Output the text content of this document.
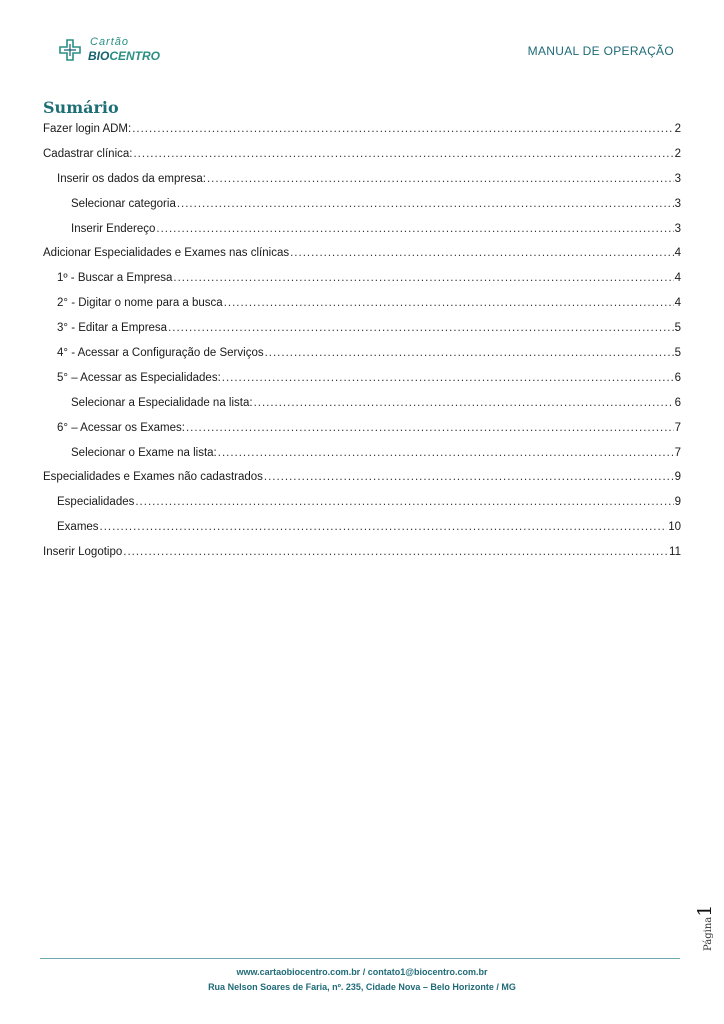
Cartão
BIOCENTRO	MANUAL DE OPERAÇÃO
Sumário
Fazer login ADM: .....	2
Cadastrar clínica: .....	2
Inserir os dados da empresa: .....	3
Selecionar categoria .....	3
Inserir Endereço .....	3
Adicionar Especialidades e Exames nas clínicas .....	4
1º - Buscar a Empresa .....	4
2° - Digitar o nome para a busca .....	4
3° - Editar a Empresa .....	5
4° - Acessar a Configuração de Serviços .....	5
5° – Acessar as Especialidades: .....	6
Selecionar a Especialidade na lista: .....	6
6° – Acessar os Exames: .....	7
Selecionar o Exame na lista: .....	7
Especialidades e Exames não cadastrados .....	9
Especialidades .....	9
Exames .....	10
Inserir Logotipo .....	11
Página1
www.cartaobiocentro.com.br / contato1@biocentro.com.br
Rua Nelson Soares de Faria, nº. 235, Cidade Nova – Belo Horizonte / MG
